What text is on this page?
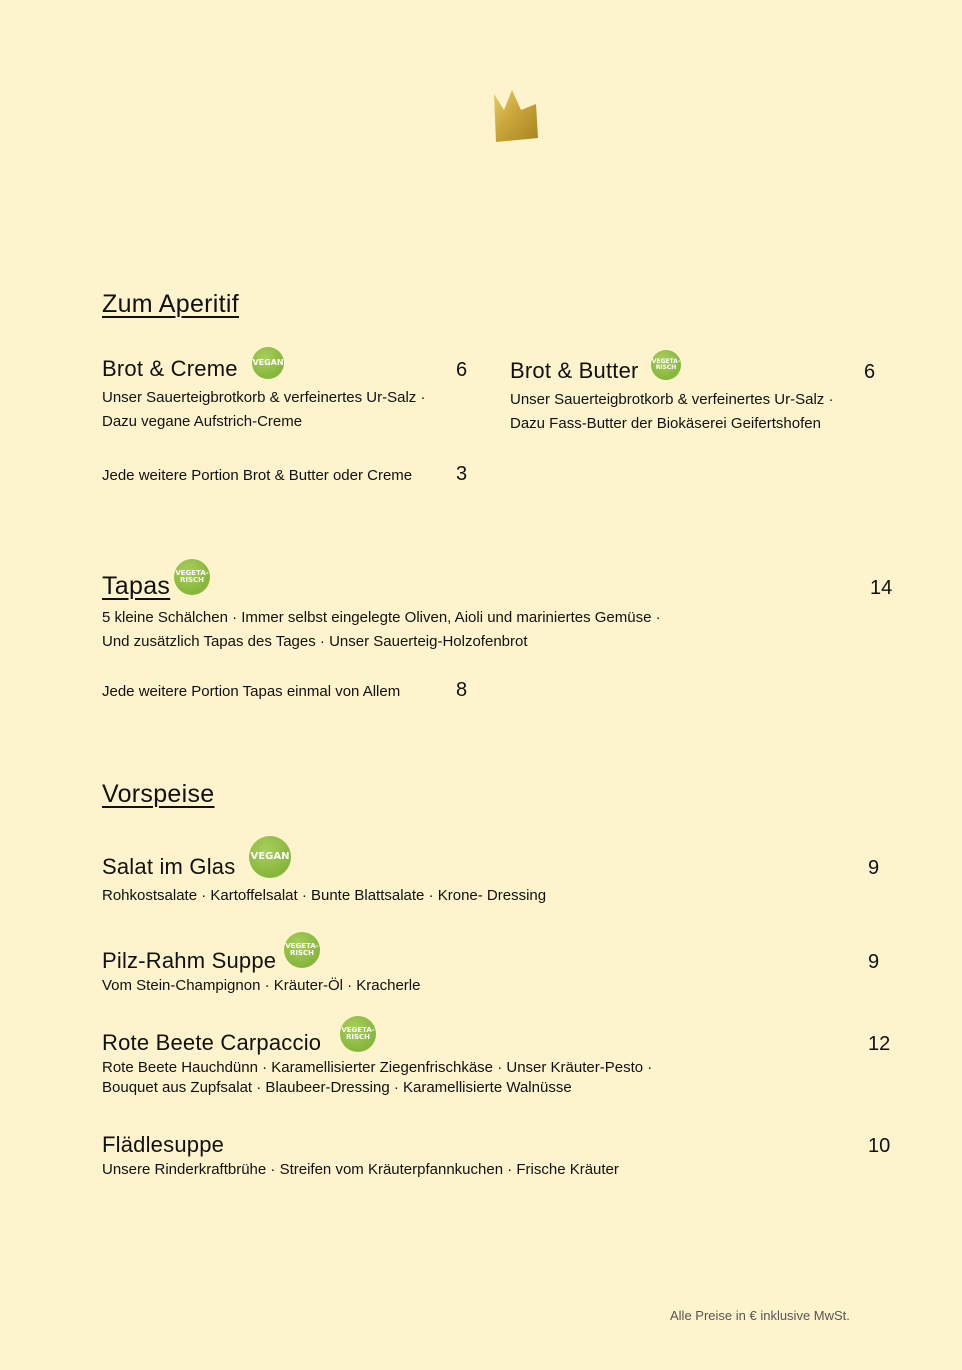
Zum Aperitif
Brot & Creme VEGAN	6
Unser Sauerteigbrotkorb & verfeinertes Ur-Salz ·
Dazu vegane Aufstrich-Creme
Brot & Butter VEGETA-
RISCH	6
Unser Sauerteigbrotkorb & verfeinertes Ur-Salz ·
Dazu Fass-Butter der Biokäserei Geifertshofen
Jede weitere Portion Brot & Butter oder Creme 3
Tapas VEGETA-
RISCH	14
5 kleine Schälchen · Immer selbst eingelegte Oliven, Aioli und mariniertes Gemüse ·
Und zusätzlich Tapas des Tages · Unser Sauerteig-Holzofenbrot
Jede weitere Portion Tapas einmal von Allem	8
Vorspeise
Salat im Glas VEGAN
9
Rohkostsalate · Kartoffelsalat · Bunte Blattsalate · Krone- Dressing
Pilz-Rahm Suppe
VEGETA-
RISCH	9
Vom Stein-Champignon · Kräuter-Öl · Kracherle
Rote Beete Carpaccio	VEGETA-
RISCH	12
Rote Beete Hauchdünn · Karamellisierter Ziegenfrischkäse · Unser Kräuter-Pesto ·
Bouquet aus Zupfsalat · Blaubeer-Dressing · Karamellisierte Walnüsse
Flädlesuppe	10
Unsere Rinderkraftbrühe · Streifen vom Kräuterpfannkuchen · Frische Kräuter
Alle Preise in € inklusive MwSt.
